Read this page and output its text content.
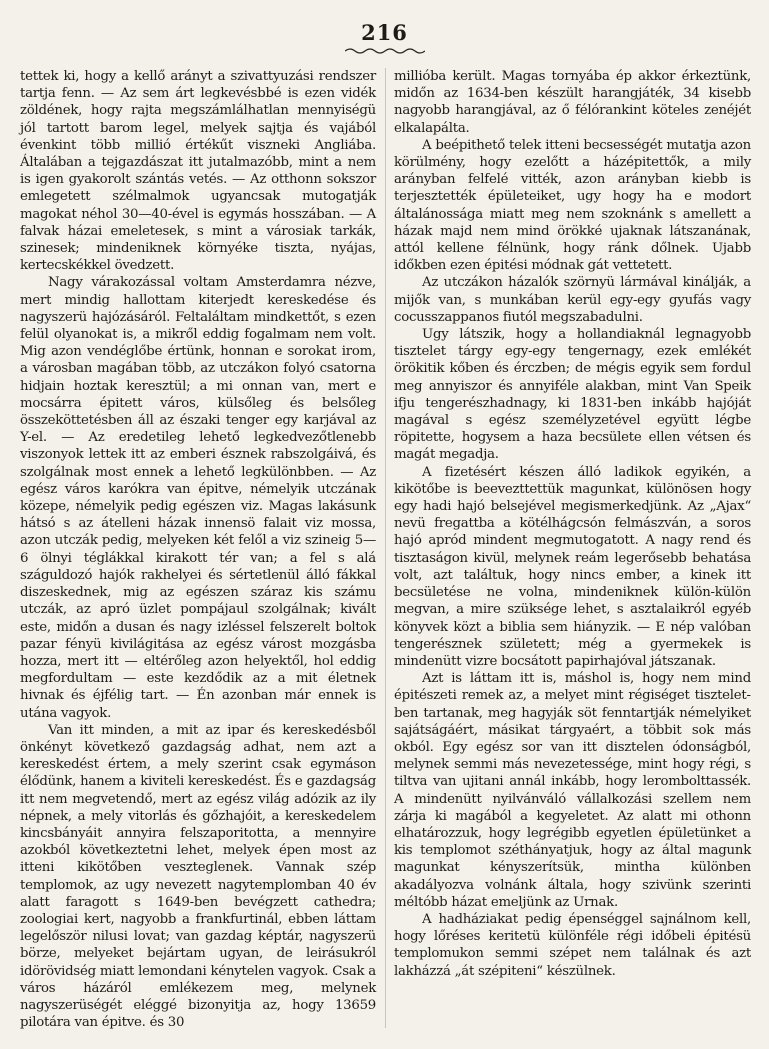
216

tettek ki, hogy a kellő arányt a szivattyuzási rendszer tartja fenn. — Az sem árt legkevésbbé is ezen vidék zöldének, hogy rajta megszámlálhatlan mennyiségü jól tartott barom legel, melyek sajtja és vajából évenkint több millió értékűt viszneki Angliába. Általában a tejgazdászat itt jutalmazóbb, mint a nem is igen gyakorolt szántás vetés. — Az otthonn sokszor emlegetett szélmalmok ugyancsak mutogatják magokat néhol 30—40-ével is egymás hosszában. — A falvak házai emeletesek, s mint a városiak tarkák, szinesek; mindeniknek környéke tiszta, nyájas, kertecskékkel övedzett.

Nagy várakozással voltam Amsterdamra nézve, mert mindig hallottam kiterjedt kereskedése és nagyszerü hajózásáról. Feltaláltam mindkettőt, s ezen felül olyanokat is, a mikről eddig fogalmam nem volt. Mig azon vendéglőbe értünk, honnan e sorokat irom, a városban magában több, az utczákon folyó csatorna hidjain hoztak keresztül; a mi onnan van, mert e mocsárra épitett város, külsőleg és belsőleg összeköttetésben áll az északi tenger egy karjával az Y-el. — Az eredetileg lehető legkedvezőtlenebb viszonyok lettek itt az emberi észnek rabszolgáivá, és szolgálnak most ennek a lehető legkülönbben. — Az egész város karókra van épitve, némelyik utczának közepe, némelyik pedig egészen viz. Magas lakásunk hátsó s az átelleni házak innensö falait viz mossa, azon utczák pedig, melyeken két felől a viz szineig 5—6 ölnyi téglákkal kirakott tér van; a fel s alá száguldozó hajók rakhelyei és sértetlenül álló fákkal diszeskednek, mig az egészen száraz kis számu utczák, az apró üzlet pompájaul szolgálnak; kivált este, midőn a dusan és nagy izléssel felszerelt boltok pazar fényü kivilágitása az egész várost mozgásba hozza, mert itt — eltérőleg azon helyektől, hol eddig megfordultam — este kezdődik az a mit életnek hivnak és éjfélig tart. — Én azonban már ennek is utána vagyok.

Van itt minden, a mit az ipar és kereskedésből önkényt következő gazdagság adhat, nem azt a kereskedést értem, a mely szerint csak egymáson élődünk, hanem a kiviteli kereskedést. És e gazdagság itt nem megvetendő, mert az egész világ adózik az ily népnek, a mely vitorlás és gőzhajóit, a kereskedelem kincsbányáit annyira felszaporitotta, a mennyire azokból következtetni lehet, melyek épen most az itteni kikötőben veszteglenek. Vannak szép templomok, az ugy nevezett nagytemplomban 40 év alatt faragott s 1649-ben bevégzett cathedra; zoologiai kert, nagyobb a frankfurtinál, ebben láttam legelőször nilusi lovat; van gazdag képtár, nagyszerü börze, melyeket bejártam ugyan, de leirásukról idörövidség miatt lemondani kénytelen vagyok. Csak a város házáról emlékezem meg, melynek nagyszerüségét eléggé bizonyitja az, hogy 13659 pilotára van épitve. és 30

millióba került. Magas tornyába ép akkor érkeztünk, midőn az 1634-ben készült harangjáték, 34 kisebb nagyobb harangjával, az ő félórankint köteles zenéjét elkalapálta.

A beépithető telek itteni becsességét mutatja azon körülmény, hogy ezelőtt a házépitettők, a mily arányban felfelé vitték, azon arányban kiebb is terjesztették épületeiket, ugy hogy ha e modort általánossága miatt meg nem szoknánk s amellett a házak majd nem mind örökké ujaknak látszanának, attól kellene félnünk, hogy ránk dőlnek. Ujabb időkben ezen épitési módnak gát vettetett.

Az utczákon házalók szörnyü lármával kinálják, a mijők van, s munkában kerül egy-egy gyufás vagy cocusszappanos fiutól megszabadulni.

Ugy látszik, hogy a hollandiaknál legnagyobb tisztelet tárgy egy-egy tengernagy, ezek emlékét örökitik kőben és érczben; de mégis egyik sem fordul meg annyiszor és annyiféle alakban, mint Van Speik ifju tengerészhadnagy, ki 1831-ben inkább hajóját magával s egész személyzetével együtt légbe röpitette, hogysem a haza becsülete ellen vétsen és magát megadja.

A fizetésért készen álló ladikok egyikén, a kikötőbe is beevezttettük magunkat, különösen hogy egy hadi hajó belsejével megismerkedjünk. Az „Ajax“ nevü fregattba a kötélhágcsón felmászván, a soros hajó apród mindent megmutogatott. A nagy rend és tisztaságon kivül, melynek reám legerősebb behatása volt, azt találtuk, hogy nincs ember, a kinek itt becsületése ne volna, mindeniknek külön-külön megvan, a mire szüksége lehet, s asztalaikról egyéb könyvek közt a biblia sem hiányzik. — E nép valóban tengerésznek született; még a gyermekek is mindenütt vizre bocsátott papirhajóval játszanak.

Azt is láttam itt is, máshol is, hogy nem mind épitészeti remek az, a melyet mint régiséget tiszteletben tartanak, meg hagyják söt fenntartják némelyiket sajátságáért, másikat tárgyaért, a többit sok más okból. Egy egész sor van itt disztelen ódonságból, melynek semmi más nevezetessége, mint hogy régi, s tiltva van ujitani annál inkább, hogy lerombolttassék. A mindenütt nyilvánváló vállalkozási szellem nem zárja ki magából a kegyeletet. Az alatt mi othonn elhatározzuk, hogy legrégibb egyetlen épületünket a kis templomot széthányatjuk, hogy az által magunk magunkat kényszerítsük, mintha különben akadályozva volnánk általa, hogy szivünk szerinti méltóbb házat emeljünk az Urnak.

A hadháziakat pedig épenséggel sajnálnom kell, hogy lőréses keritetü különféle régi időbeli épitésü templomukon semmi szépet nem találnak és azt lakházzá „át szépiteni“ készülnek.
